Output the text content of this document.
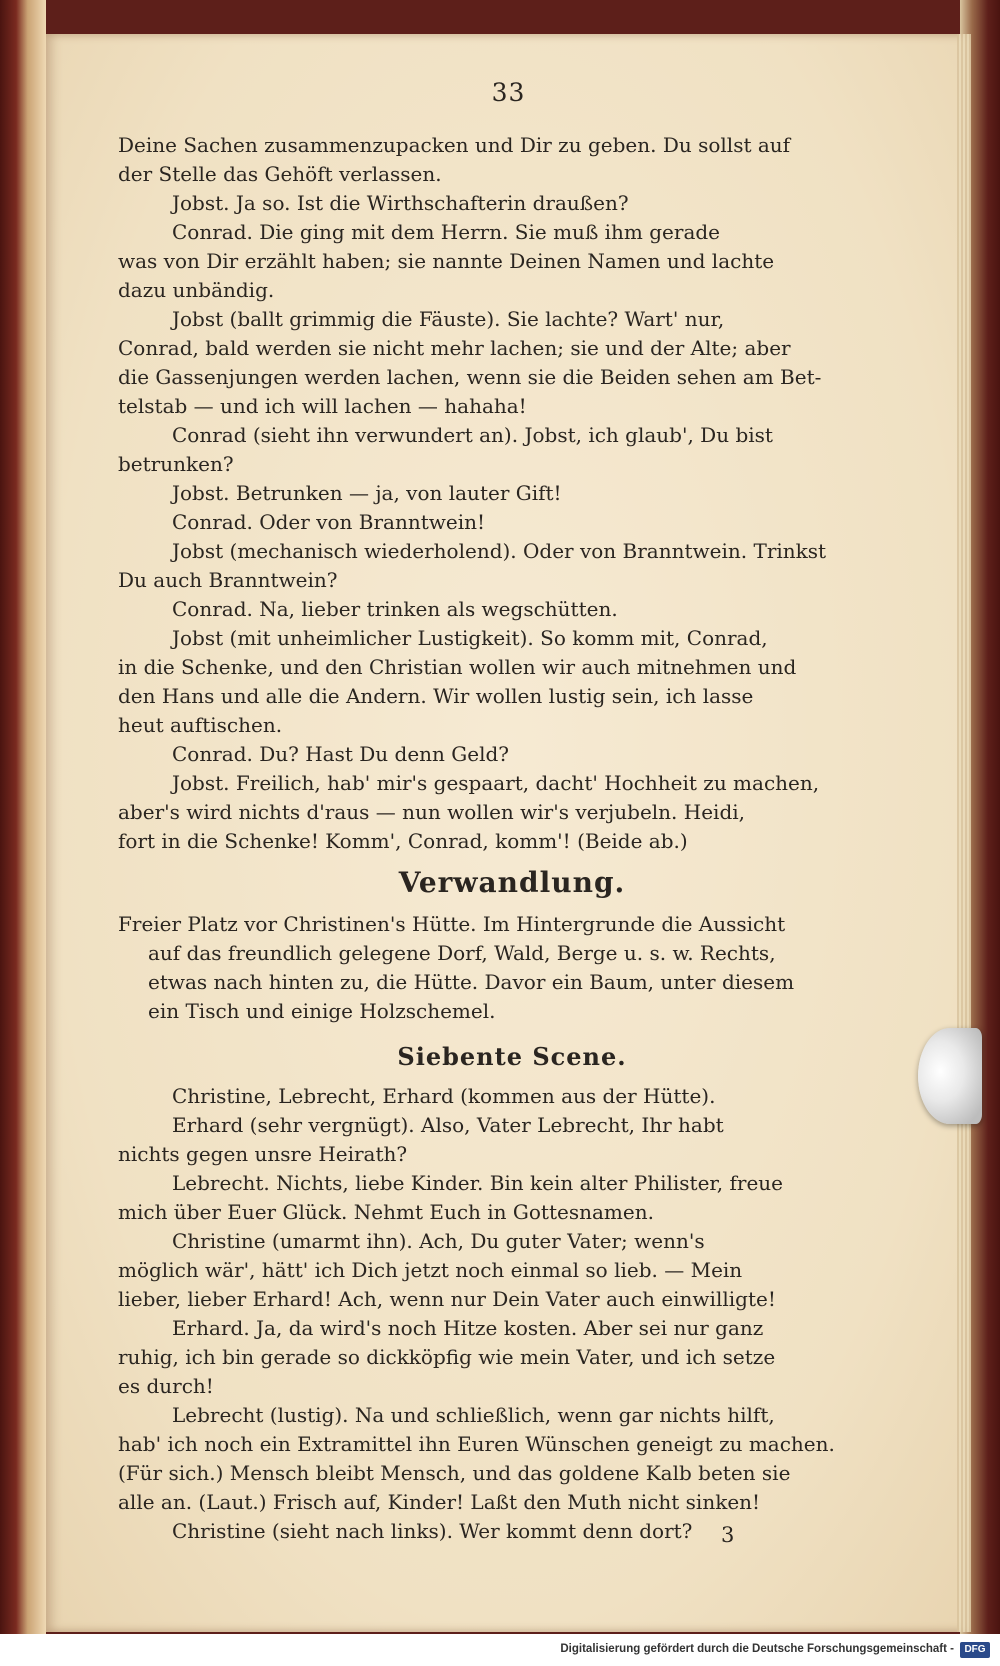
33
Deine Sachen zusammenzupacken und Dir zu geben. Du sollst auf
der Stelle das Gehöft verlassen.
Jobst. Ja so. Ist die Wirthschafterin draußen?
Conrad. Die ging mit dem Herrn. Sie muß ihm gerade
was von Dir erzählt haben; sie nannte Deinen Namen und lachte
dazu unbändig.
Jobst (ballt grimmig die Fäuste). Sie lachte? Wart' nur,
Conrad, bald werden sie nicht mehr lachen; sie und der Alte; aber
die Gassenjungen werden lachen, wenn sie die Beiden sehen am Bet-
telstab — und ich will lachen — hahaha!
Conrad (sieht ihn verwundert an). Jobst, ich glaub', Du bist
betrunken?
Jobst. Betrunken — ja, von lauter Gift!
Conrad. Oder von Branntwein!
Jobst (mechanisch wiederholend). Oder von Branntwein. Trinkst
Du auch Branntwein?
Conrad. Na, lieber trinken als wegschütten.
Jobst (mit unheimlicher Lustigkeit). So komm mit, Conrad,
in die Schenke, und den Christian wollen wir auch mitnehmen und
den Hans und alle die Andern. Wir wollen lustig sein, ich lasse
heut auftischen.
Conrad. Du? Hast Du denn Geld?
Jobst. Freilich, hab' mir's gespaart, dacht' Hochheit zu machen,
aber's wird nichts d'raus — nun wollen wir's verjubeln. Heidi,
fort in die Schenke! Komm', Conrad, komm'! (Beide ab.)
Verwandlung.
Freier Platz vor Christinen's Hütte. Im Hintergrunde die Aussicht
auf das freundlich gelegene Dorf, Wald, Berge u. s. w. Rechts,
etwas nach hinten zu, die Hütte. Davor ein Baum, unter diesem
ein Tisch und einige Holzschemel.
Siebente Scene.
Christine, Lebrecht, Erhard (kommen aus der Hütte).
Erhard (sehr vergnügt). Also, Vater Lebrecht, Ihr habt
nichts gegen unsre Heirath?
Lebrecht. Nichts, liebe Kinder. Bin kein alter Philister, freue
mich über Euer Glück. Nehmt Euch in Gottesnamen.
Christine (umarmt ihn). Ach, Du guter Vater; wenn's
möglich wär', hätt' ich Dich jetzt noch einmal so lieb. — Mein
lieber, lieber Erhard! Ach, wenn nur Dein Vater auch einwilligte!
Erhard. Ja, da wird's noch Hitze kosten. Aber sei nur ganz
ruhig, ich bin gerade so dickköpfig wie mein Vater, und ich setze
es durch!
Lebrecht (lustig). Na und schließlich, wenn gar nichts hilft,
hab' ich noch ein Extramittel ihn Euren Wünschen geneigt zu machen.
(Für sich.) Mensch bleibt Mensch, und das goldene Kalb beten sie
alle an. (Laut.) Frisch auf, Kinder! Laßt den Muth nicht sinken!
Christine (sieht nach links). Wer kommt denn dort?	3
Digitalisierung gefördert durch die Deutsche Forschungsgemeinschaft -	DFG
